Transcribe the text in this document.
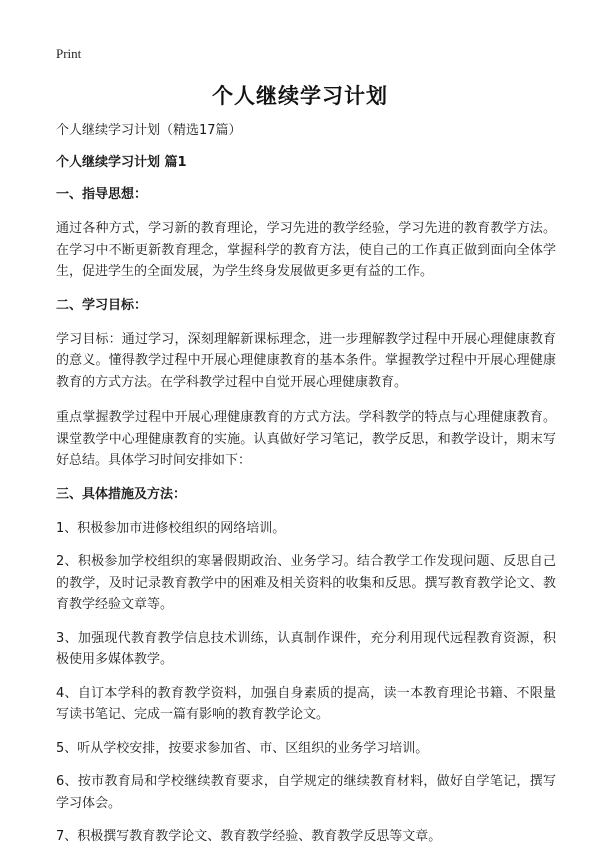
Print
个人继续学习计划

个人继续学习计划（精选17篇）

个人继续学习计划 篇1

一、指导思想：

通过各种方式，学习新的教育理论，学习先进的教学经验，学习先进的教育教学方法。在学习中不断更新教育理念，掌握科学的教育方法，使自己的工作真正做到面向全体学生，促进学生的全面发展，为学生终身发展做更多更有益的工作。

二、学习目标：

学习目标：通过学习，深刻理解新课标理念，进一步理解教学过程中开展心理健康教育的意义。懂得教学过程中开展心理健康教育的基本条件。掌握教学过程中开展心理健康教育的方式方法。在学科教学过程中自觉开展心理健康教育。

重点掌握教学过程中开展心理健康教育的方式方法。学科教学的特点与心理健康教育。课堂教学中心理健康教育的实施。认真做好学习笔记，教学反思，和教学设计，期末写好总结。具体学习时间安排如下：

三、具体措施及方法：

1、积极参加市进修校组织的网络培训。

2、积极参加学校组织的寒暑假期政治、业务学习。结合教学工作发现问题、反思自己的教学，及时记录教育教学中的困难及相关资料的收集和反思。撰写教育教学论文、教育教学经验文章等。

3、加强现代教育教学信息技术训练，认真制作课件，充分利用现代远程教育资源，积极使用多媒体教学。

4、自订本学科的教育教学资料，加强自身素质的提高，读一本教育理论书籍、不限量写读书笔记、完成一篇有影响的教育教学论文。

5、听从学校安排，按要求参加省、市、区组织的业务学习培训。

6、按市教育局和学校继续教育要求，自学规定的继续教育材料，做好自学笔记，撰写学习体会。

7、积极撰写教育教学论文、教育教学经验、教育教学反思等文章。
